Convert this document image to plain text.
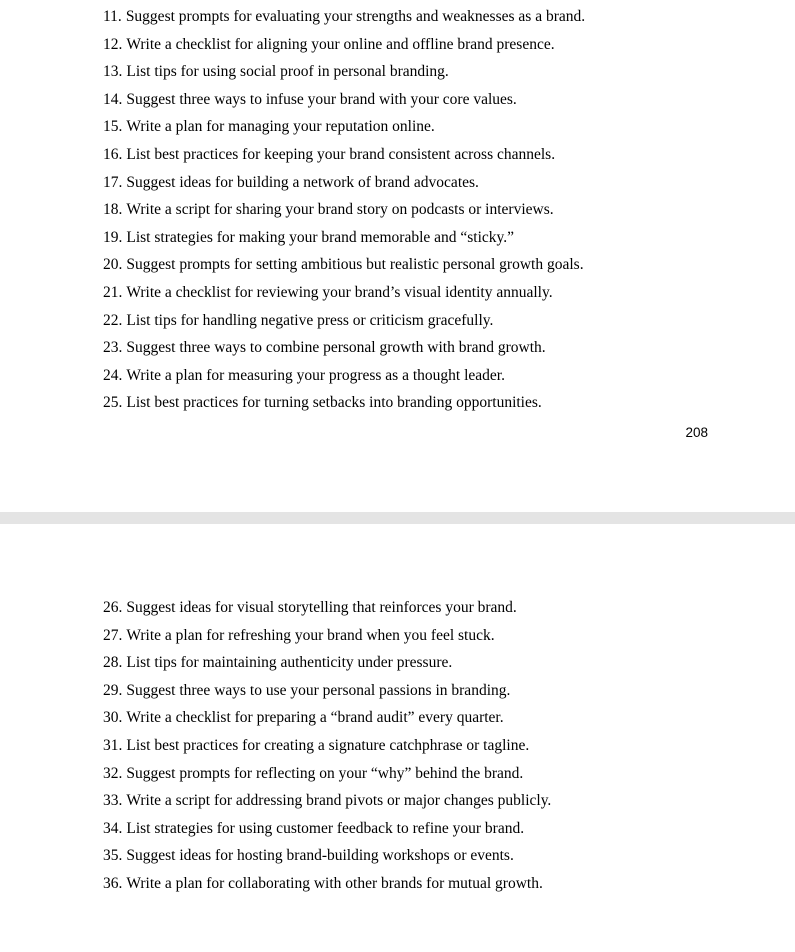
11. Suggest prompts for evaluating your strengths and weaknesses as a brand.
12. Write a checklist for aligning your online and offline brand presence.
13. List tips for using social proof in personal branding.
14. Suggest three ways to infuse your brand with your core values.
15. Write a plan for managing your reputation online.
16. List best practices for keeping your brand consistent across channels.
17. Suggest ideas for building a network of brand advocates.
18. Write a script for sharing your brand story on podcasts or interviews.
19. List strategies for making your brand memorable and “sticky.”
20. Suggest prompts for setting ambitious but realistic personal growth goals.
21. Write a checklist for reviewing your brand’s visual identity annually.
22. List tips for handling negative press or criticism gracefully.
23. Suggest three ways to combine personal growth with brand growth.
24. Write a plan for measuring your progress as a thought leader.
25. List best practices for turning setbacks into branding opportunities.
208
26. Suggest ideas for visual storytelling that reinforces your brand.
27. Write a plan for refreshing your brand when you feel stuck.
28. List tips for maintaining authenticity under pressure.
29. Suggest three ways to use your personal passions in branding.
30. Write a checklist for preparing a “brand audit” every quarter.
31. List best practices for creating a signature catchphrase or tagline.
32. Suggest prompts for reflecting on your “why” behind the brand.
33. Write a script for addressing brand pivots or major changes publicly.
34. List strategies for using customer feedback to refine your brand.
35. Suggest ideas for hosting brand-building workshops or events.
36. Write a plan for collaborating with other brands for mutual growth.
